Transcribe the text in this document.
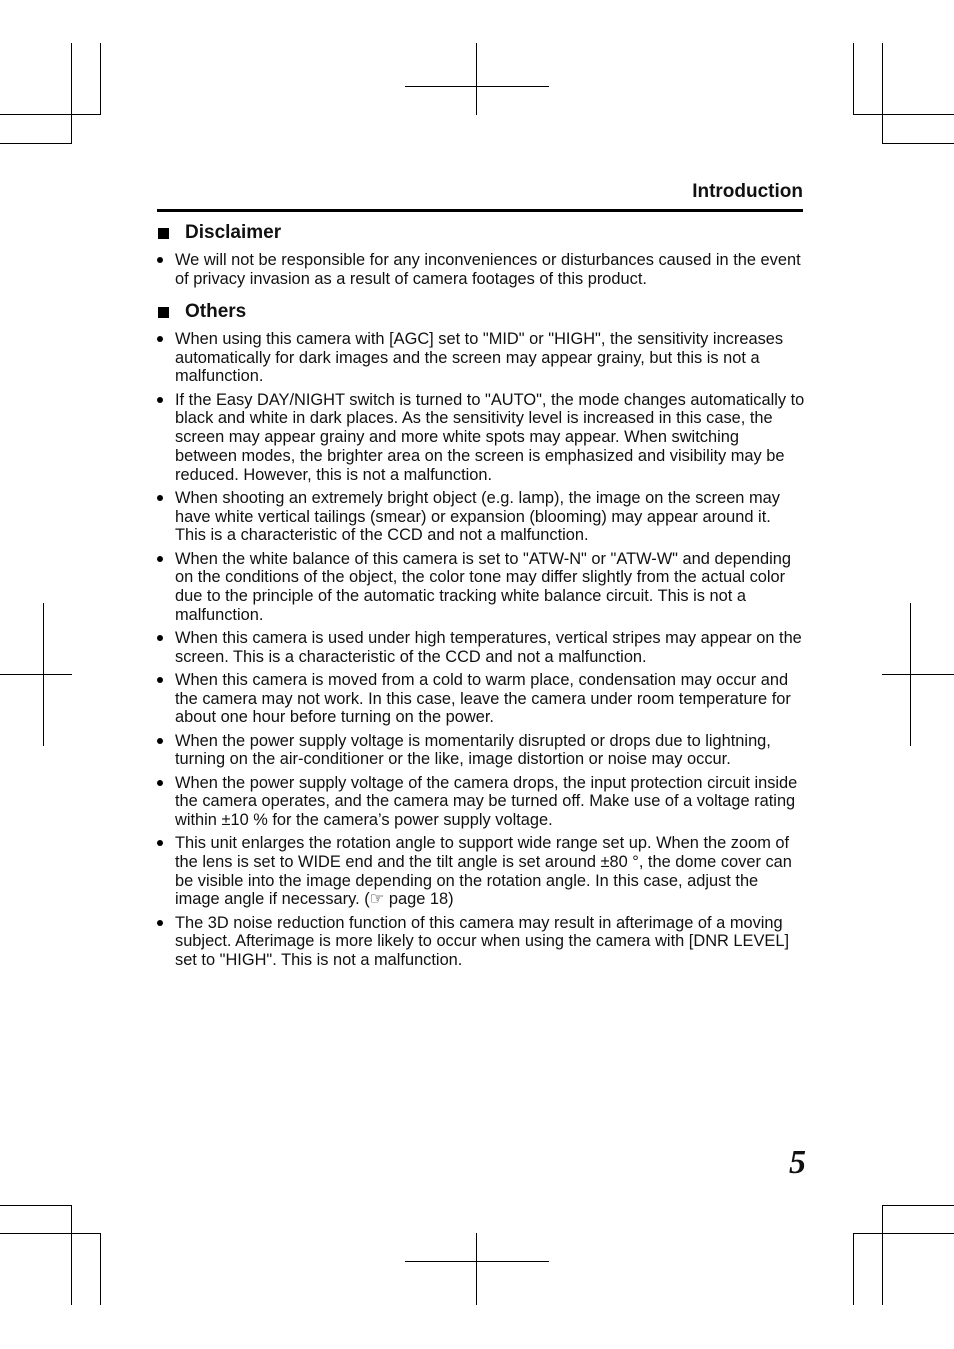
Introduction
Disclaimer
We will not be responsible for any inconveniences or disturbances caused in the event of privacy invasion as a result of camera footages of this product.
Others
When using this camera with [AGC] set to "MID" or "HIGH", the sensitivity increases automatically for dark images and the screen may appear grainy, but this is not a malfunction.
If the Easy DAY/NIGHT switch is turned to "AUTO", the mode changes automatically to black and white in dark places. As the sensitivity level is increased in this case, the screen may appear grainy and more white spots may appear. When switching between modes, the brighter area on the screen is emphasized and visibility may be reduced. However, this is not a malfunction.
When shooting an extremely bright object (e.g. lamp), the image on the screen may have white vertical tailings (smear) or expansion (blooming) may appear around it. This is a characteristic of the CCD and not a malfunction.
When the white balance of this camera is set to "ATW-N" or "ATW-W" and depending on the conditions of the object, the color tone may differ slightly from the actual color due to the principle of the automatic tracking white balance circuit. This is not a malfunction.
When this camera is used under high temperatures, vertical stripes may appear on the screen. This is a characteristic of the CCD and not a malfunction.
When this camera is moved from a cold to warm place, condensation may occur and the camera may not work. In this case, leave the camera under room temperature for about one hour before turning on the power.
When the power supply voltage is momentarily disrupted or drops due to lightning, turning on the air-conditioner or the like, image distortion or noise may occur.
When the power supply voltage of the camera drops, the input protection circuit inside the camera operates, and the camera may be turned off. Make use of a voltage rating within ±10 % for the camera’s power supply voltage.
This unit enlarges the rotation angle to support wide range set up. When the zoom of the lens is set to WIDE end and the tilt angle is set around ±80 °, the dome cover can be visible into the image depending on the rotation angle. In this case, adjust the image angle if necessary. (☞ page 18)
The 3D noise reduction function of this camera may result in afterimage of a moving subject. Afterimage is more likely to occur when using the camera with [DNR LEVEL] set to "HIGH". This is not a malfunction.
5
